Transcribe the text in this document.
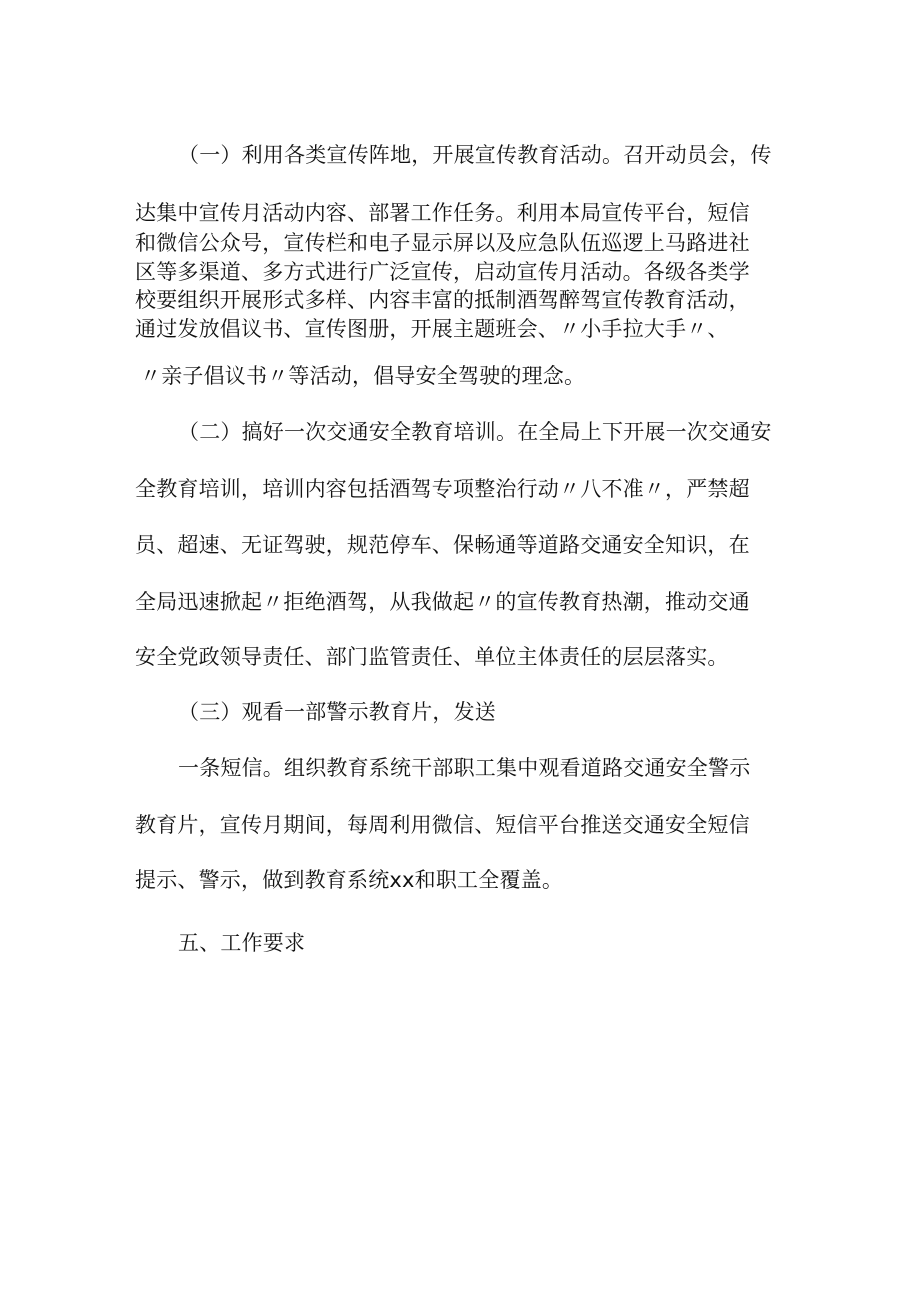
（一）利用各类宣传阵地，开展宣传教育活动。召开动员会，传
达集中宣传月活动内容、部署工作任务。利用本局宣传平台，短信
和微信公众号，宣传栏和电子显示屏以及应急队伍巡逻上马路进社
区等多渠道、多方式进行广泛宣传，启动宣传月活动。各级各类学
校要组织开展形式多样、内容丰富的抵制酒驾醉驾宣传教育活动，
通过发放倡议书、宣传图册，开展主题班会、〃小手拉大手〃、
〃亲子倡议书〃等活动，倡导安全驾驶的理念。
（二）搞好一次交通安全教育培训。在全局上下开展一次交通安
全教育培训，培训内容包括酒驾专项整治行动〃八不准〃，严禁超
员、超速、无证驾驶，规范停车、保畅通等道路交通安全知识，在
全局迅速掀起〃拒绝酒驾，从我做起〃的宣传教育热潮，推动交通
安全党政领导责任、部门监管责任、单位主体责任的层层落实。
（三）观看一部警示教育片，发送
一条短信。组织教育系统干部职工集中观看道路交通安全警示
教育片，宣传月期间，每周利用微信、短信平台推送交通安全短信
提示、警示，做到教育系统xx和职工全覆盖。
五、工作要求
